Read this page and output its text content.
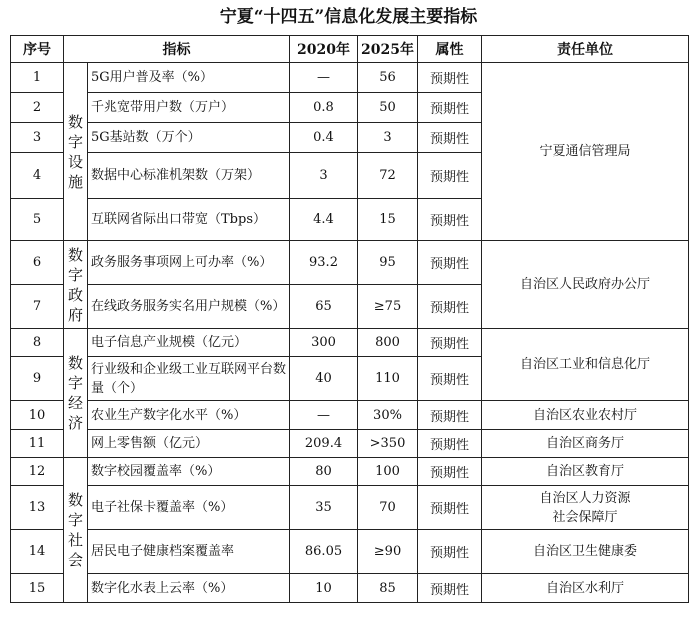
宁夏“十四五”信息化发展主要指标
序号	指标		2020年	2025年	属性	责任单位
1	数字设施	5G用户普及率（%）	—	56	预期性	宁夏通信管理局
2		千兆宽带用户数（万户）	0.8	50	预期性	
3		5G基站数（万个）	0.4	3	预期性	
4		数据中心标准机架数（万架）	3	72	预期性	
5		互联网省际出口带宽（Tbps）	4.4	15	预期性	
6	数字政府	政务服务事项网上可办率（%）	93.2	95	预期性	自治区人民政府办公厅
7		在线政务服务实名用户规模（%）	65	≥75	预期性	
8	数字经济	电子信息产业规模（亿元）	300	800	预期性	自治区工业和信息化厅
9		行业级和企业级工业互联网平台数量（个）	40	110	预期性	
10		农业生产数字化水平（%）	—	30%	预期性	自治区农业农村厅
11		网上零售额（亿元）	209.4	>350	预期性	自治区商务厅
12	数字社会	数字校园覆盖率（%）	80	100	预期性	自治区教育厅
13		电子社保卡覆盖率（%）	35	70	预期性	自治区人力资源
社会保障厅

14		居民电子健康档案覆盖率	86.05	≥90	预期性	自治区卫生健康委
15		数字化水表上云率（%）	10	85	预期性	自治区水利厅
